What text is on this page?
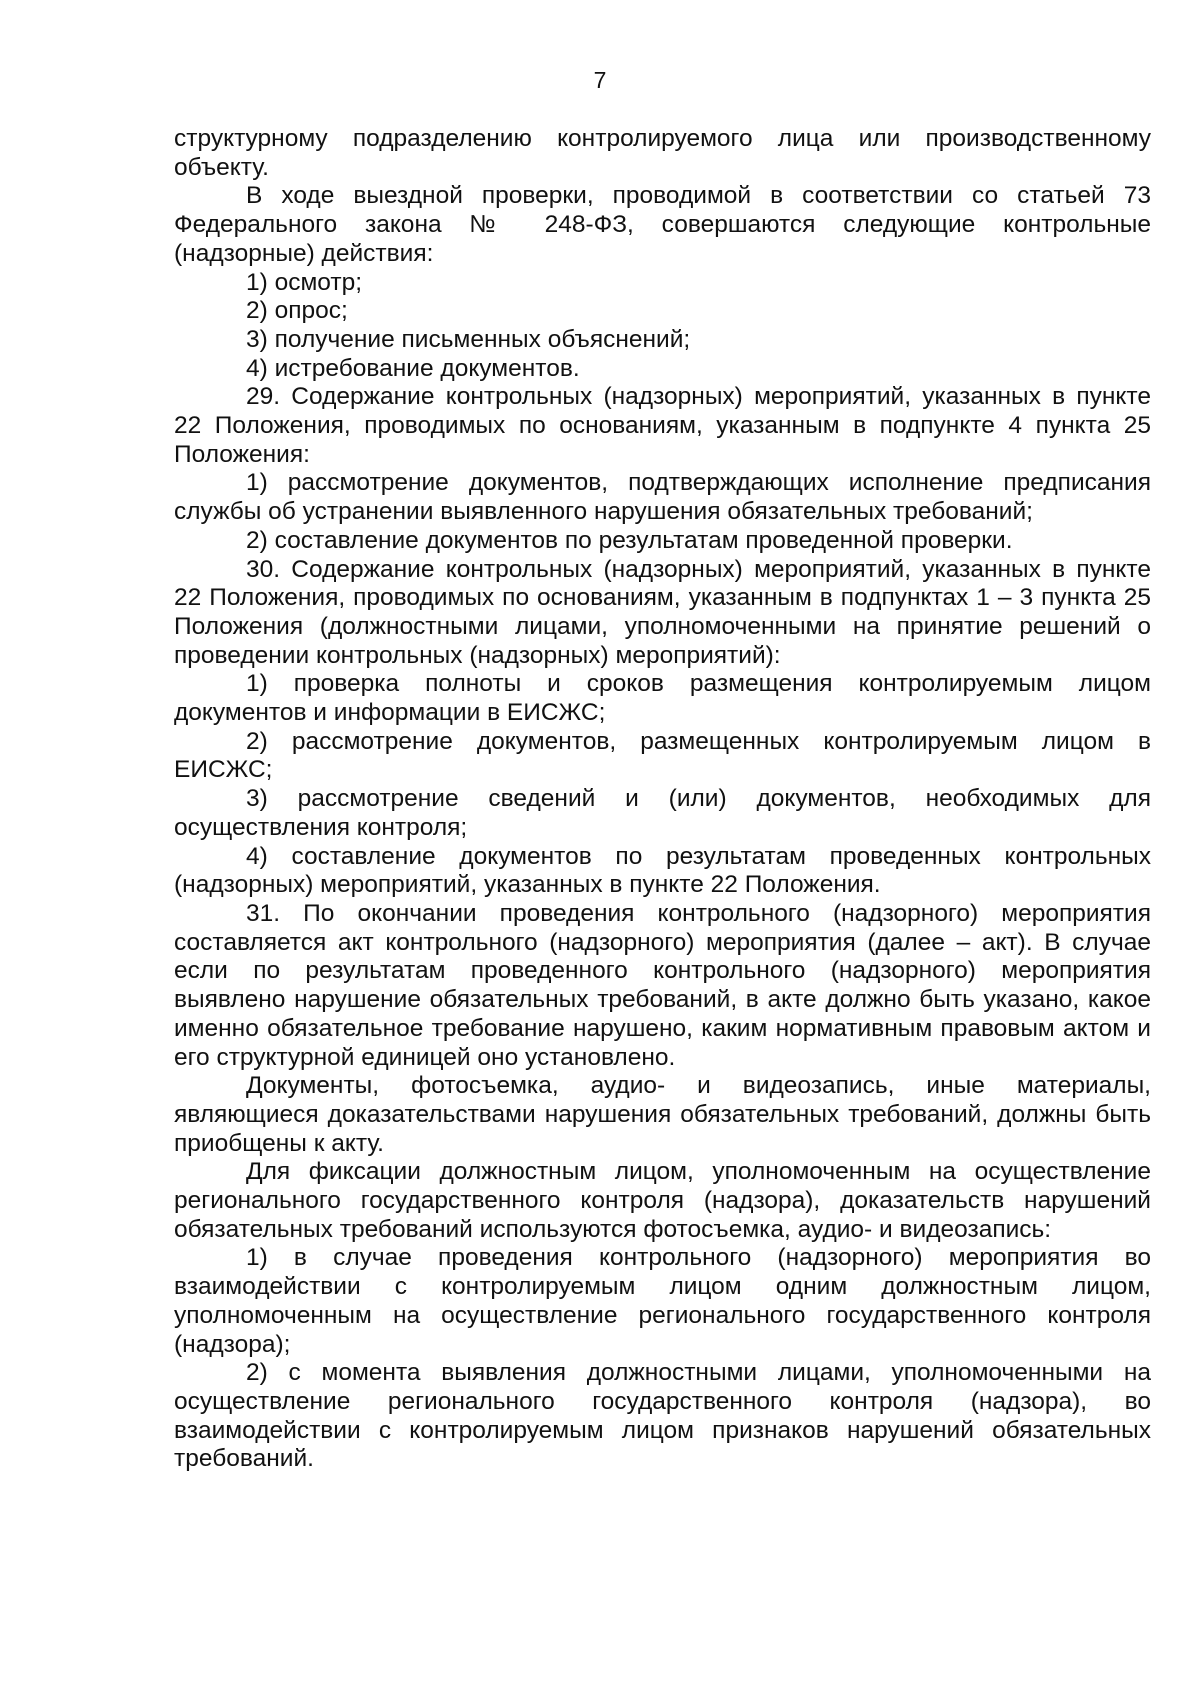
7

структурному подразделению контролируемого лица или производственному объекту.

В ходе выездной проверки, проводимой в соответствии со статьей 73 Федерального закона № 248-ФЗ, совершаются следующие контрольные (надзорные) действия:

1) осмотр;

2) опрос;

3) получение письменных объяснений;

4) истребование документов.

29. Содержание контрольных (надзорных) мероприятий, указанных в пункте 22 Положения, проводимых по основаниям, указанным в подпункте 4 пункта 25 Положения:

1) рассмотрение документов, подтверждающих исполнение предписания службы об устранении выявленного нарушения обязательных требований;

2) составление документов по результатам проведенной проверки.

30. Содержание контрольных (надзорных) мероприятий, указанных в пункте 22 Положения, проводимых по основаниям, указанным в подпунктах 1 – 3 пункта 25 Положения (должностными лицами, уполномоченными на принятие решений о проведении контрольных (надзорных) мероприятий):

1) проверка полноты и сроков размещения контролируемым лицом документов и информации в ЕИСЖС;

2) рассмотрение документов, размещенных контролируемым лицом в ЕИСЖС;

3) рассмотрение сведений и (или) документов, необходимых для осуществления контроля;

4) составление документов по результатам проведенных контрольных (надзорных) мероприятий, указанных в пункте 22 Положения.

31. По окончании проведения контрольного (надзорного) мероприятия составляется акт контрольного (надзорного) мероприятия (далее – акт). В случае если по результатам проведенного контрольного (надзорного) мероприятия выявлено нарушение обязательных требований, в акте должно быть указано, какое именно обязательное требование нарушено, каким нормативным правовым актом и его структурной единицей оно установлено.

Документы, фотосъемка, аудио- и видеозапись, иные материалы, являющиеся доказательствами нарушения обязательных требований, должны быть приобщены к акту.

Для фиксации должностным лицом, уполномоченным на осуществление регионального государственного контроля (надзора), доказательств нарушений обязательных требований используются фотосъемка, аудио- и видеозапись:

1) в случае проведения контрольного (надзорного) мероприятия во взаимодействии с контролируемым лицом одним должностным лицом, уполномоченным на осуществление регионального государственного контроля (надзора);

2) с момента выявления должностными лицами, уполномоченными на осуществление регионального государственного контроля (надзора), во взаимодействии с контролируемым лицом признаков нарушений обязательных требований.
